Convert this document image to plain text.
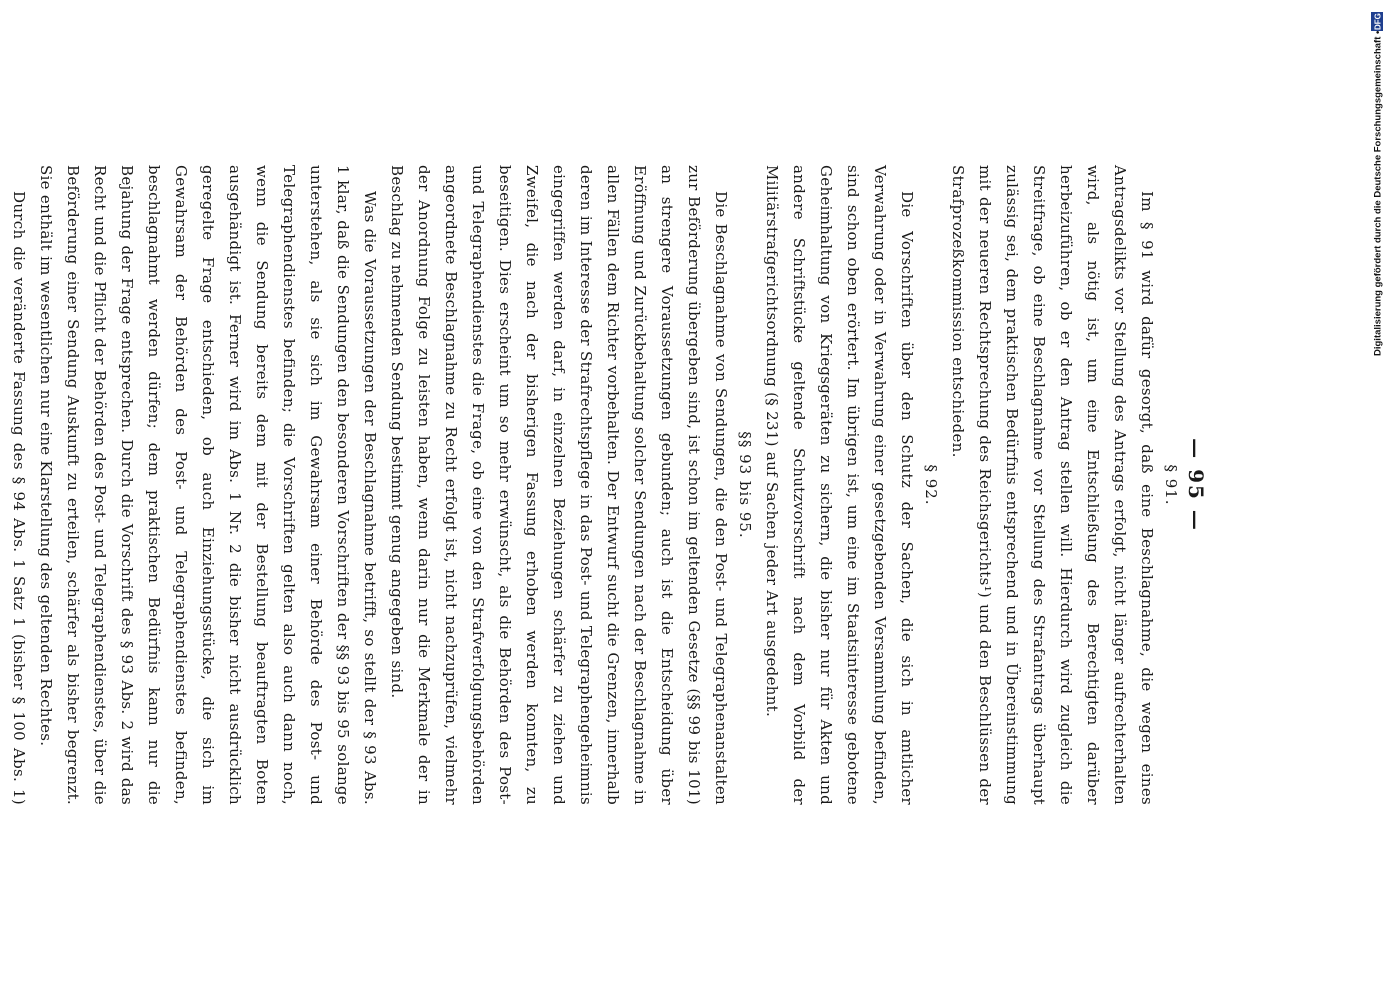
— 95 —
§ 91.

Im § 91 wird dafür gesorgt, daß eine Beschlagnahme, die wegen eines Antragsdelikts vor Stellung des Antrags erfolgt, nicht länger aufrechterhalten wird, als nötig ist, um eine Entschließung des Berechtigten darüber herbeizuführen, ob er den Antrag stellen will. Hierdurch wird zugleich die Streitfrage, ob eine Beschlagnahme vor Stellung des Strafantrags überhaupt zulässig sei, dem praktischen Bedürfnis entsprechend und in Übereinstimmung mit der neueren Rechtsprechung des Reichsgerichts¹) und den Beschlüssen der Strafprozeßkommission entschieden.

§ 92.

Die Vorschriften über den Schutz der Sachen, die sich in amtlicher Verwahrung oder in Verwahrung einer gesetzgebenden Versammlung befinden, sind schon oben erörtert. Im übrigen ist, um eine im Staatsinteresse gebotene Geheimhaltung von Kriegsgeräten zu sichern, die bisher nur für Akten und andere Schriftstücke geltende Schutzvorschrift nach dem Vorbild der Militärstrafgerichtsordnung (§ 231) auf Sachen jeder Art ausgedehnt.

§§ 93 bis 95.

Die Beschlagnahme von Sendungen, die den Post- und Telegraphenanstalten zur Beförderung übergeben sind, ist schon im geltenden Gesetze (§§ 99 bis 101) an strengere Voraussetzungen gebunden; auch ist die Entscheidung über Eröffnung und Zurückbehaltung solcher Sendungen nach der Beschlagnahme in allen Fällen dem Richter vorbehalten. Der Entwurf sucht die Grenzen, innerhalb deren im Interesse der Strafrechtspflege in das Post- und Telegraphengeheimnis eingegriffen werden darf, in einzelnen Beziehungen schärfer zu ziehen und Zweifel, die nach der bisherigen Fassung erhoben werden konnten, zu beseitigen. Dies erscheint um so mehr erwünscht, als die Behörden des Post- und Telegraphendienstes die Frage, ob eine von den Strafverfolgungsbehörden angeordnete Beschlagnahme zu Recht erfolgt ist, nicht nachzuprüfen, vielmehr der Anordnung Folge zu leisten haben, wenn darin nur die Merkmale der in Beschlag zu nehmenden Sendung bestimmt genug angegeben sind.

Was die Voraussetzungen der Beschlagnahme betrifft, so stellt der § 93 Abs. 1 klar, daß die Sendungen den besonderen Vorschriften der §§ 93 bis 95 solange unterstehen, als sie sich im Gewahrsam einer Behörde des Post- und Telegraphendienstes befinden; die Vorschriften gelten also auch dann noch, wenn die Sendung bereits dem mit der Bestellung beauftragten Boten ausgehändigt ist. Ferner wird im Abs. 1 Nr. 2 die bisher nicht ausdrücklich geregelte Frage entschieden, ob auch Einziehungsstücke, die sich im Gewahrsam der Behörden des Post- und Telegraphendienstes befinden, beschlagnahmt werden dürfen; dem praktischen Bedürfnis kann nur die Bejahung der Frage entsprechen. Durch die Vorschrift des § 93 Abs. 2 wird das Recht und die Pflicht der Behörden des Post- und Telegraphendienstes, über die Beförderung einer Sendung Auskunft zu erteilen, schärfer als bisher begrenzt. Sie enthält im wesentlichen nur eine Klarstellung des geltenden Rechtes.

Durch die veränderte Fassung des § 94 Abs. 1 Satz 1 (bisher § 100 Abs. 1)

Digitalisierung gefördert durch die Deutsche Forschungsgemeinschaft •
DFG
